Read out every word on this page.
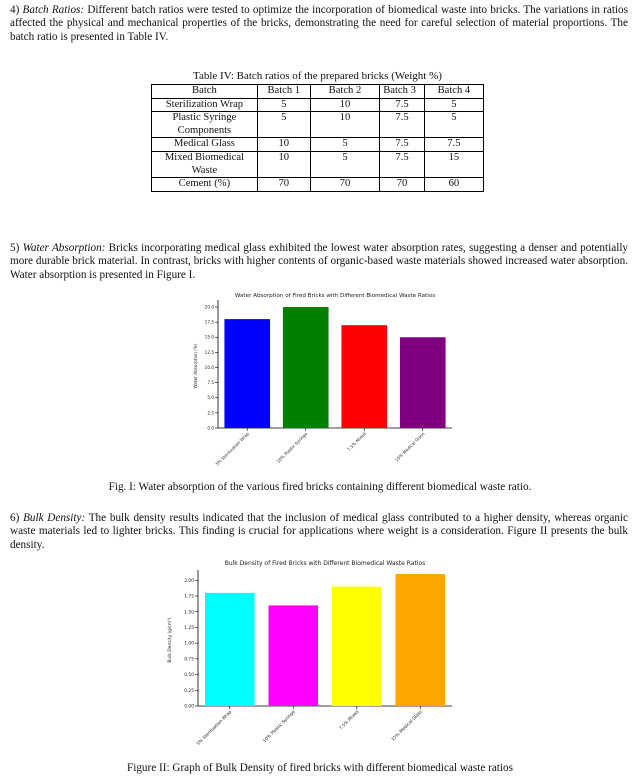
4) Batch Ratios: Different batch ratios were tested to optimize the incorporation of biomedical waste into bricks. The variations in ratios affected the physical and mechanical properties of the bricks, demonstrating the need for careful selection of material proportions. The batch ratio is presented in Table IV.
Table IV: Batch ratios of the prepared bricks (Weight %)
Batch	Batch 1	Batch 2	Batch 3	Batch 4
Sterilization Wrap	5	10	7.5	5
Plastic Syringe Components	5	10	7.5	5
Medical Glass	10	5	7.5	7.5
Mixed Biomedical Waste	10	5	7.5	15
Cement (%)	70	70	70	60
5) Water Absorption: Bricks incorporating medical glass exhibited the lowest water absorption rates, suggesting a denser and potentially more durable brick material. In contrast, bricks with higher contents of organic-based waste materials showed increased water absorption. Water absorption is presented in Figure I.
Water Absorption of Fired Bricks with Different Biomedical Waste Ratios
Water Absorption (%)
0.0
2.5
5.0
7.5
10.0
12.5
15.0
17.5
20.0
5% Sterilization Wrap	10% Plastic Syringe	7.5% Mixed	15% Medical Glass
Fig. I: Water absorption of the various fired bricks containing different biomedical waste ratio.
6) Bulk Density: The bulk density results indicated that the inclusion of medical glass contributed to a higher density, whereas organic waste materials led to lighter bricks. This finding is crucial for applications where weight is a consideration. Figure II presents the bulk density.
Bulk Density of Fired Bricks with Different Biomedical Waste Ratios
Bulk Density (g/cm³)
0.00
0.25
0.50
0.75
1.00
1.25
1.50
1.75
2.00
5% Sterilization Wrap	10% Plastic Syringe	7.5% Mixed	15% Medical Glass
Figure II: Graph of Bulk Density of fired bricks with different biomedical waste ratios
